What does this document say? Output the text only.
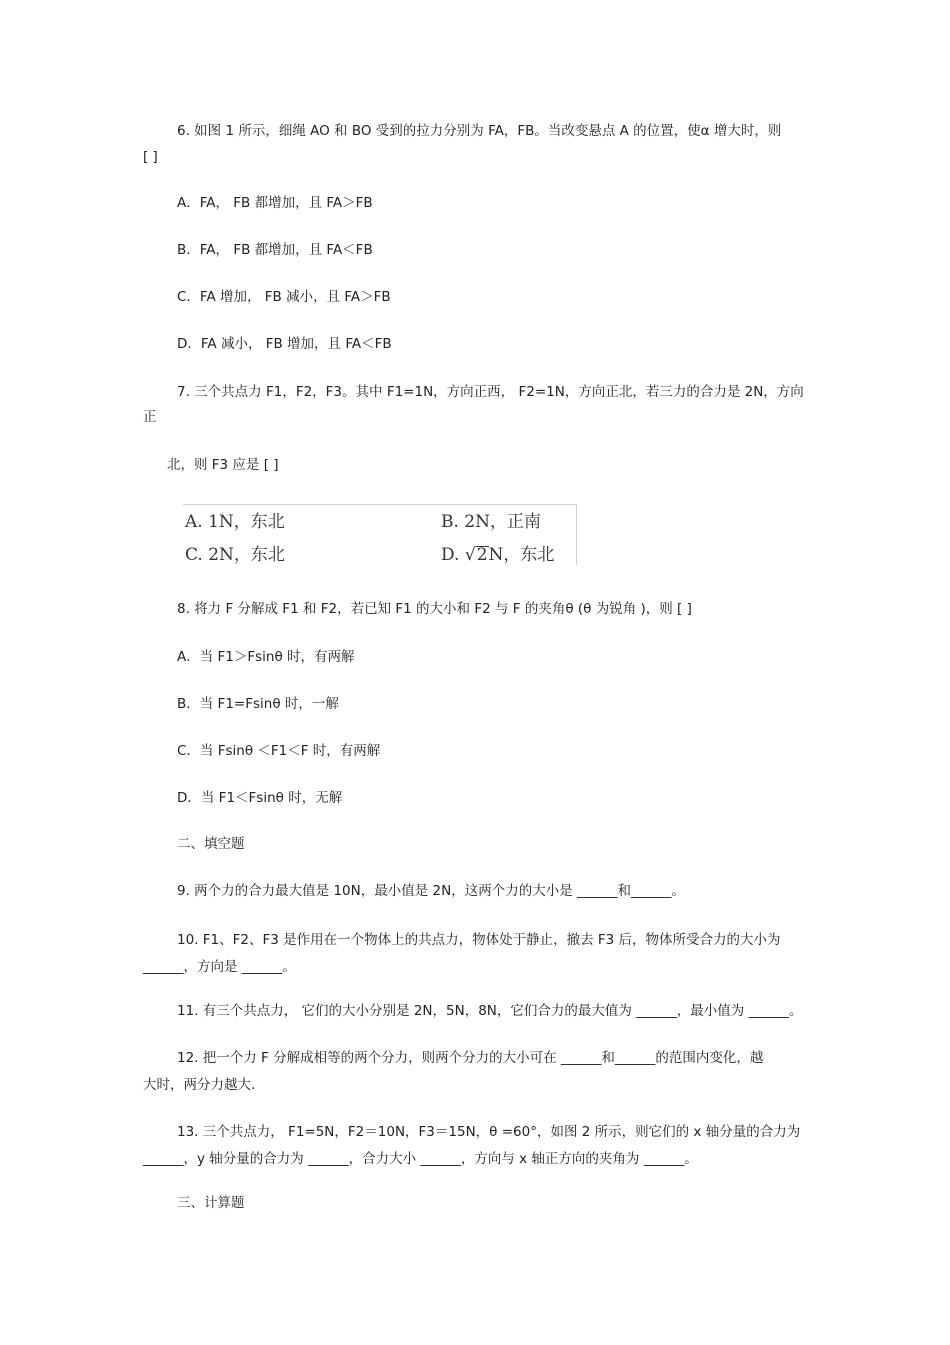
6. 如图 1 所示，细绳 AO 和 BO 受到的拉力分别为 FA，FB。当改变悬点 A 的位置，使α 增大时，则
[ ]
A．FA， FB 都增加，且 FA＞FB
B．FA， FB 都增加，且 FA＜FB
C．FA 增加， FB 减小，且 FA＞FB
D．FA 减小， FB 增加，且 FA＜FB
7. 三个共点力 F1，F2，F3。其中 F1=1N，方向正西， F2=1N，方向正北，若三力的合力是 2N，方向
正
北，则 F3 应是 [ ]
A. 1N，东北	B. 2N，正南
C. 2N，东北	D. √2N，东北
8. 将力 F 分解成 F1 和 F2，若已知 F1 的大小和 F2 与 F 的夹角θ (θ 为锐角 )，则 [ ]
A．当 F1＞Fsinθ 时，有两解
B．当 F1=Fsinθ 时，一解
C．当 Fsinθ ＜F1＜F 时，有两解
D．当 F1＜Fsinθ 时，无解
二、填空题
9. 两个力的合力最大值是 10N，最小值是 2N，这两个力的大小是 ______和______。
10. F1、F2、F3 是作用在一个物体上的共点力，物体处于静止，撤去 F3 后，物体所受合力的大小为
______，方向是 ______。
11. 有三个共点力， 它们的大小分别是 2N，5N，8N，它们合力的最大值为 ______，最小值为 ______。
12. 把一个力 F 分解成相等的两个分力，则两个分力的大小可在 ______和______的范围内变化，越
大时，两分力越大.
13. 三个共点力， F1=5N，F2＝10N，F3＝15N，θ =60°，如图 2 所示，则它们的 x 轴分量的合力为
______，y 轴分量的合力为 ______，合力大小 ______，方向与 x 轴正方向的夹角为 ______。
三、计算题
